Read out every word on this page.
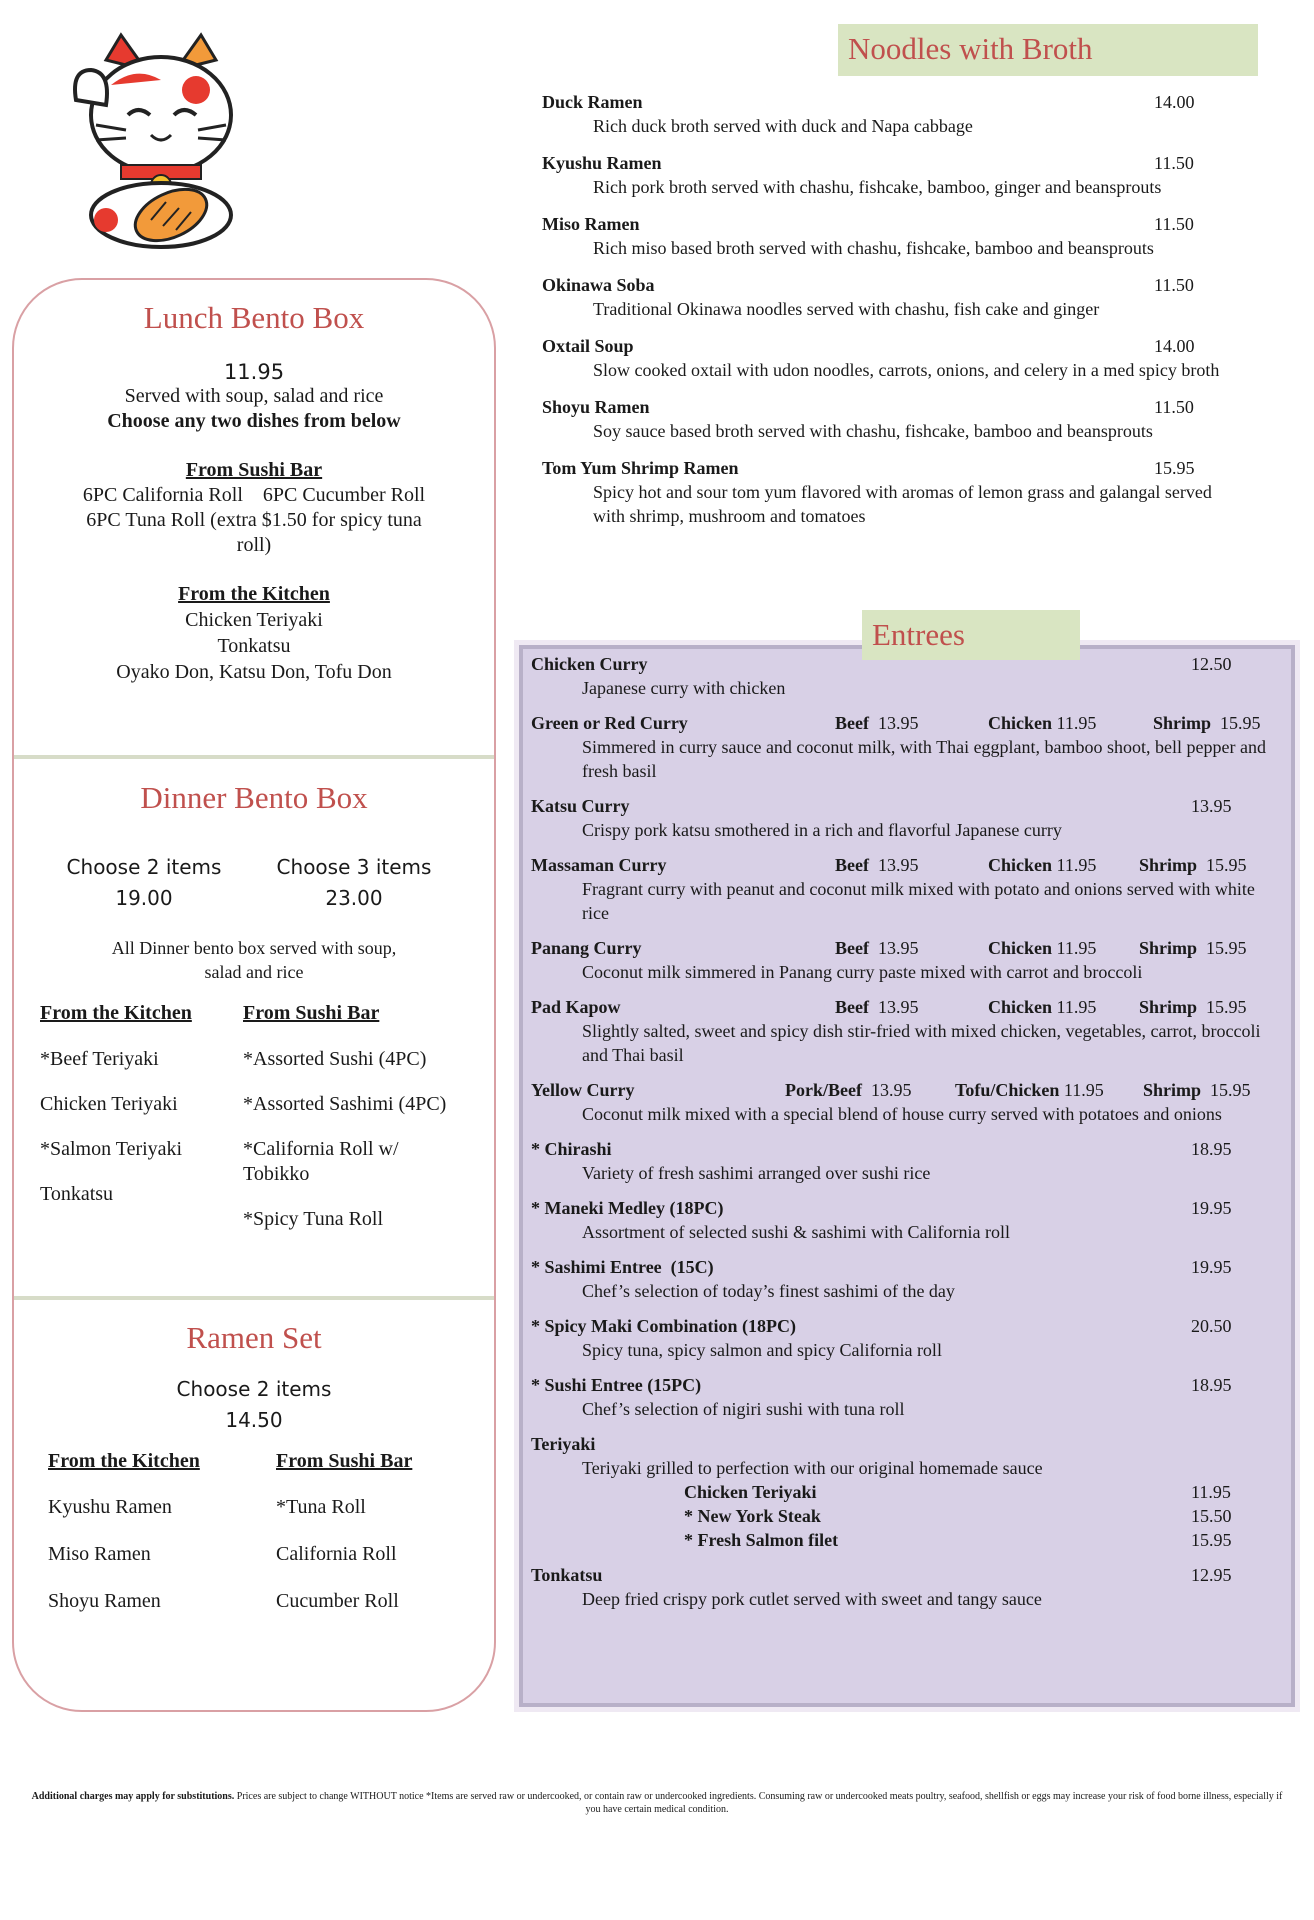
Lunch Bento Box
11.95
Served with soup, salad and rice
Choose any two dishes from below
From Sushi Bar
6PC California Roll    6PC Cucumber Roll
6PC Tuna Roll (extra $1.50 for spicy tuna
roll)
From the Kitchen
Chicken Teriyaki
Tonkatsu
Oyako Don, Katsu Don, Tofu Don
Dinner Bento Box
Choose 2 items
19.00
Choose 3 items
23.00
All Dinner bento box served with soup,
salad and rice
From the Kitchen
*Beef Teriyaki
Chicken Teriyaki
*Salmon Teriyaki
Tonkatsu
From Sushi Bar
*Assorted Sushi (4PC)
*Assorted Sashimi (4PC)
*California Roll w/
Tobikko
*Spicy Tuna Roll
Ramen Set
Choose 2 items
14.50
From the Kitchen
Kyushu Ramen
Miso Ramen
Shoyu Ramen
From Sushi Bar
*Tuna Roll
California Roll
Cucumber Roll
Noodles with Broth
Duck Ramen	14.00
Rich duck broth served with duck and Napa cabbage
Kyushu Ramen	11.50
Rich pork broth served with chashu, fishcake, bamboo, ginger and beansprouts
Miso Ramen	11.50
Rich miso based broth served with chashu, fishcake, bamboo and beansprouts
Okinawa Soba	11.50
Traditional Okinawa noodles served with chashu, fish cake and ginger
Oxtail Soup	14.00
Slow cooked oxtail with udon noodles, carrots, onions, and celery in a med spicy broth
Shoyu Ramen	11.50
Soy sauce based broth served with chashu, fishcake, bamboo and beansprouts
Tom Yum Shrimp Ramen	15.95
Spicy hot and sour tom yum flavored with aromas of lemon grass and galangal served with shrimp, mushroom and tomatoes
Entrees
Chicken Curry	12.50
Japanese curry with chicken
Green or Red Curry	Beef 13.95	Chicken 11.95	Shrimp 15.95
Simmered in curry sauce and coconut milk, with Thai eggplant, bamboo shoot, bell pepper and fresh basil
Katsu Curry	13.95
Crispy pork katsu smothered in a rich and flavorful Japanese curry
Massaman Curry	Beef 13.95	Chicken 11.95 Shrimp 15.95
Fragrant curry with peanut and coconut milk mixed with potato and onions served with white rice
Panang Curry	Beef 13.95	Chicken 11.95 Shrimp 15.95
Coconut milk simmered in Panang curry paste mixed with carrot and broccoli
Pad Kapow	Beef 13.95	Chicken 11.95 Shrimp 15.95
Slightly salted, sweet and spicy dish stir-fried with mixed chicken, vegetables, carrot, broccoli and Thai basil
Yellow Curry	Pork/Beef 13.95 Tofu/Chicken 11.95 Shrimp 15.95
Coconut milk mixed with a special blend of house curry served with potatoes and onions
* Chirashi	18.95
Variety of fresh sashimi arranged over sushi rice
* Maneki Medley (18PC)	19.95
Assortment of selected sushi & sashimi with California roll
* Sashimi Entree  (15C)	19.95
Chef’s selection of today’s finest sashimi of the day
* Spicy Maki Combination (18PC)	20.50
Spicy tuna, spicy salmon and spicy California roll
* Sushi Entree (15PC)	18.95
Chef’s selection of nigiri sushi with tuna roll
Teriyaki
Teriyaki grilled to perfection with our original homemade sauce
Chicken Teriyaki	11.95
* New York Steak	15.50
* Fresh Salmon filet	15.95
Tonkatsu	12.95
Deep fried crispy pork cutlet served with sweet and tangy sauce
Additional charges may apply for substitutions. Prices are subject to change WITHOUT notice *Items are served raw or undercooked, or contain raw or undercooked ingredients. Consuming raw or undercooked meats poultry, seafood, shellfish or eggs may increase your risk of food borne illness, especially if you have certain medical condition.
